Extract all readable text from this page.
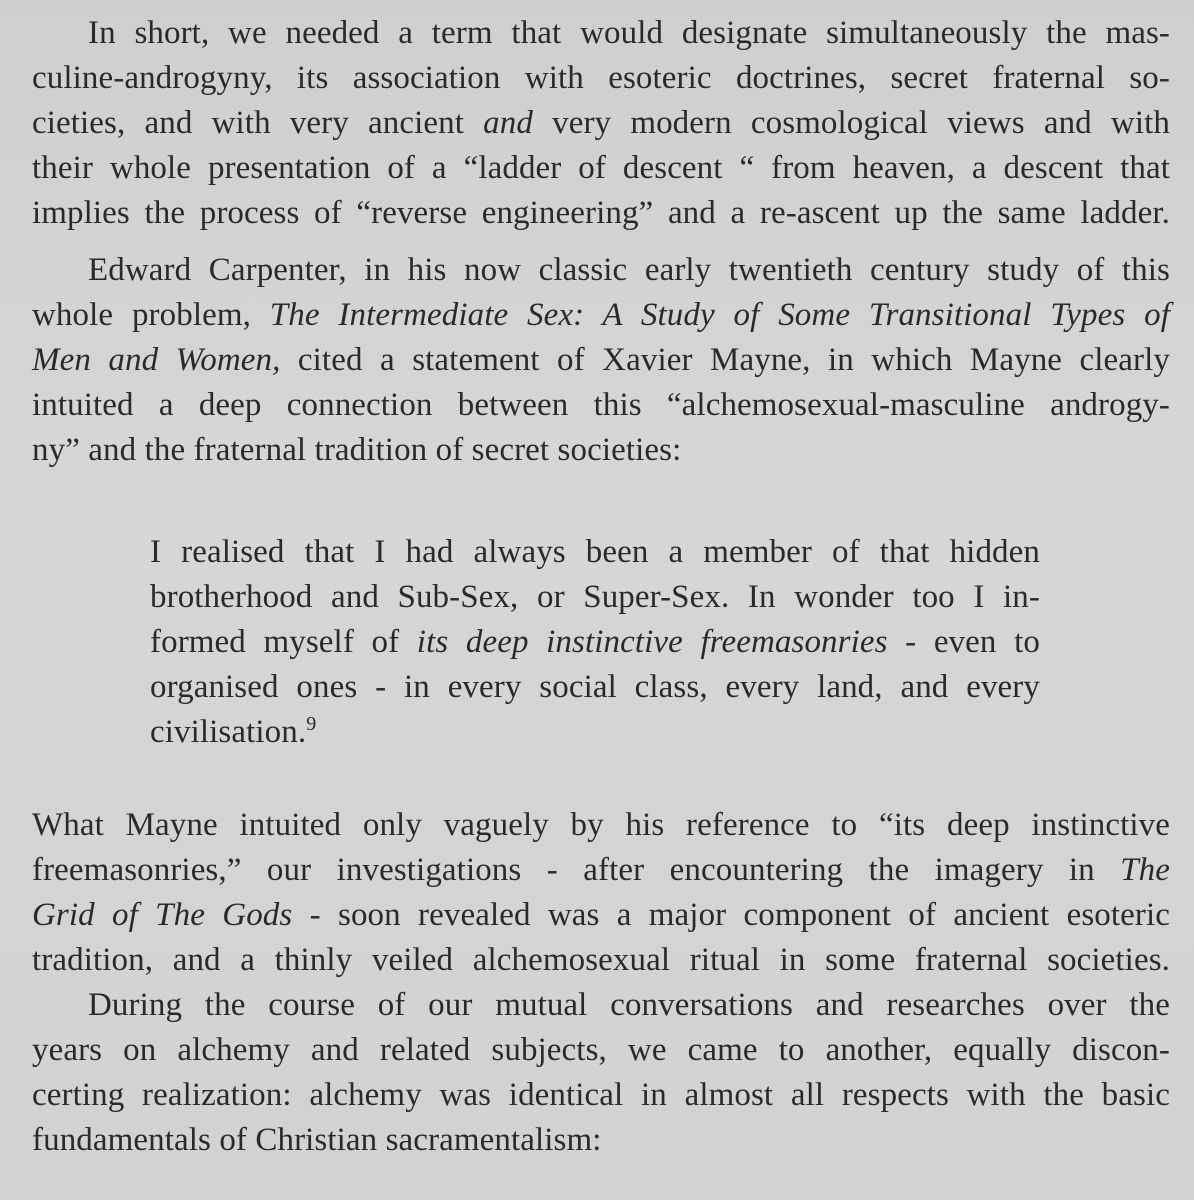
In short, we needed a term that would designate simultaneously the mas-
culine-androgyny, its association with esoteric doctrines, secret fraternal so-
cieties, and with very ancient and very modern cosmological views and with
their whole presentation of a “ladder of descent “ from heaven, a descent that
implies the process of “reverse engineering” and a re-ascent up the same ladder.
Edward Carpenter, in his now classic early twentieth century study of this
whole problem, The Intermediate Sex: A Study of Some Transitional Types of
Men and Women, cited a statement of Xavier Mayne, in which Mayne clearly
intuited a deep connection between this “alchemosexual-masculine androgy-
ny” and the fraternal tradition of secret societies:
I realised that I had always been a member of that hidden
brotherhood and Sub-Sex, or Super-Sex. In wonder too I in-
formed myself of its deep instinctive freemasonries - even to
organised ones - in every social class, every land, and every
civilisation.$^9$
What Mayne intuited only vaguely by his reference to “its deep instinctive
freemasonries,” our investigations - after encountering the imagery in The
Grid of The Gods - soon revealed was a major component of ancient esoteric
tradition, and a thinly veiled alchemosexual ritual in some fraternal societies.
During the course of our mutual conversations and researches over the
years on alchemy and related subjects, we came to another, equally discon-
certing realization: alchemy was identical in almost all respects with the basic
fundamentals of Christian sacramentalism:
